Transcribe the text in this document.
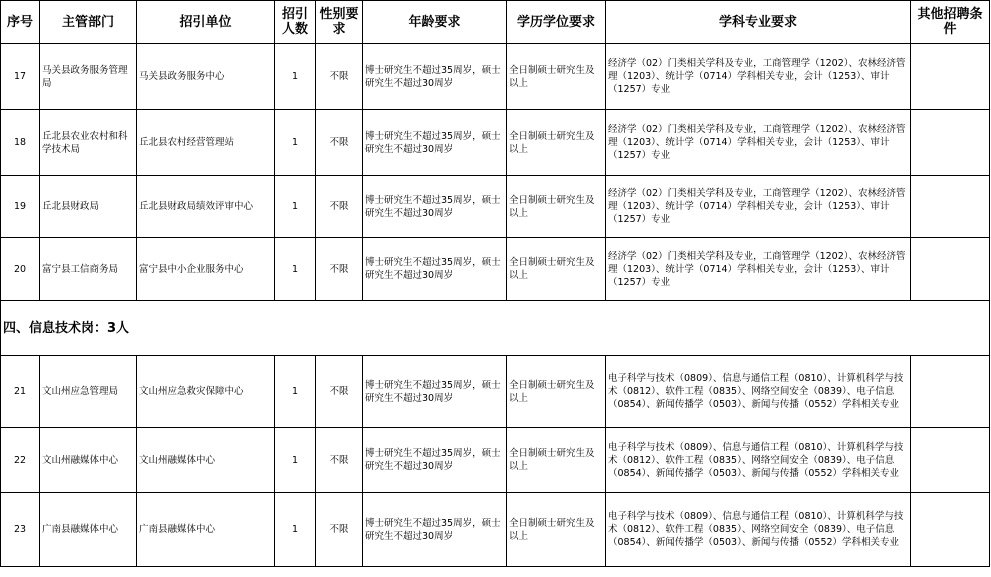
序号	主管部门	招引单位	招引人数	性别要求	年龄要求	学历学位要求	学科专业要求	其他招聘条件
17	马关县政务服务管理局	马关县政务服务中心	1	不限	博士研究生不超过35周岁，硕士研究生不超过30周岁	全日制硕士研究生及以上	经济学（02）门类相关学科及专业，工商管理学（1202）、农林经济管理（1203）、统计学（0714）学科相关专业，会计（1253）、审计（1257）专业	
18	丘北县农业农村和科学技术局	丘北县农村经营管理站	1	不限	博士研究生不超过35周岁，硕士研究生不超过30周岁	全日制硕士研究生及以上	经济学（02）门类相关学科及专业，工商管理学（1202）、农林经济管理（1203）、统计学（0714）学科相关专业，会计（1253）、审计（1257）专业	
19	丘北县财政局	丘北县财政局绩效评审中心	1	不限	博士研究生不超过35周岁，硕士研究生不超过30周岁	全日制硕士研究生及以上	经济学（02）门类相关学科及专业，工商管理学（1202）、农林经济管理（1203）、统计学（0714）学科相关专业，会计（1253）、审计（1257）专业	
20	富宁县工信商务局	富宁县中小企业服务中心	1	不限	博士研究生不超过35周岁，硕士研究生不超过30周岁	全日制硕士研究生及以上	经济学（02）门类相关学科及专业，工商管理学（1202）、农林经济管理（1203）、统计学（0714）学科相关专业，会计（1253）、审计（1257）专业	
四、信息技术岗：3人								
21	文山州应急管理局	文山州应急救灾保障中心	1	不限	博士研究生不超过35周岁，硕士研究生不超过30周岁	全日制硕士研究生及以上	电子科学与技术（0809）、信息与通信工程（0810）、计算机科学与技术（0812）、软件工程（0835）、网络空间安全（0839）、电子信息（0854）、新闻传播学（0503）、新闻与传播（0552）学科相关专业	
22	文山州融媒体中心	文山州融媒体中心	1	不限	博士研究生不超过35周岁，硕士研究生不超过30周岁	全日制硕士研究生及以上	电子科学与技术（0809）、信息与通信工程（0810）、计算机科学与技术（0812）、软件工程（0835）、网络空间安全（0839）、电子信息（0854）、新闻传播学（0503）、新闻与传播（0552）学科相关专业	
23	广南县融媒体中心	广南县融媒体中心	1	不限	博士研究生不超过35周岁，硕士研究生不超过30周岁	全日制硕士研究生及以上	电子科学与技术（0809）、信息与通信工程（0810）、计算机科学与技术（0812）、软件工程（0835）、网络空间安全（0839）、电子信息（0854）、新闻传播学（0503）、新闻与传播（0552）学科相关专业	
